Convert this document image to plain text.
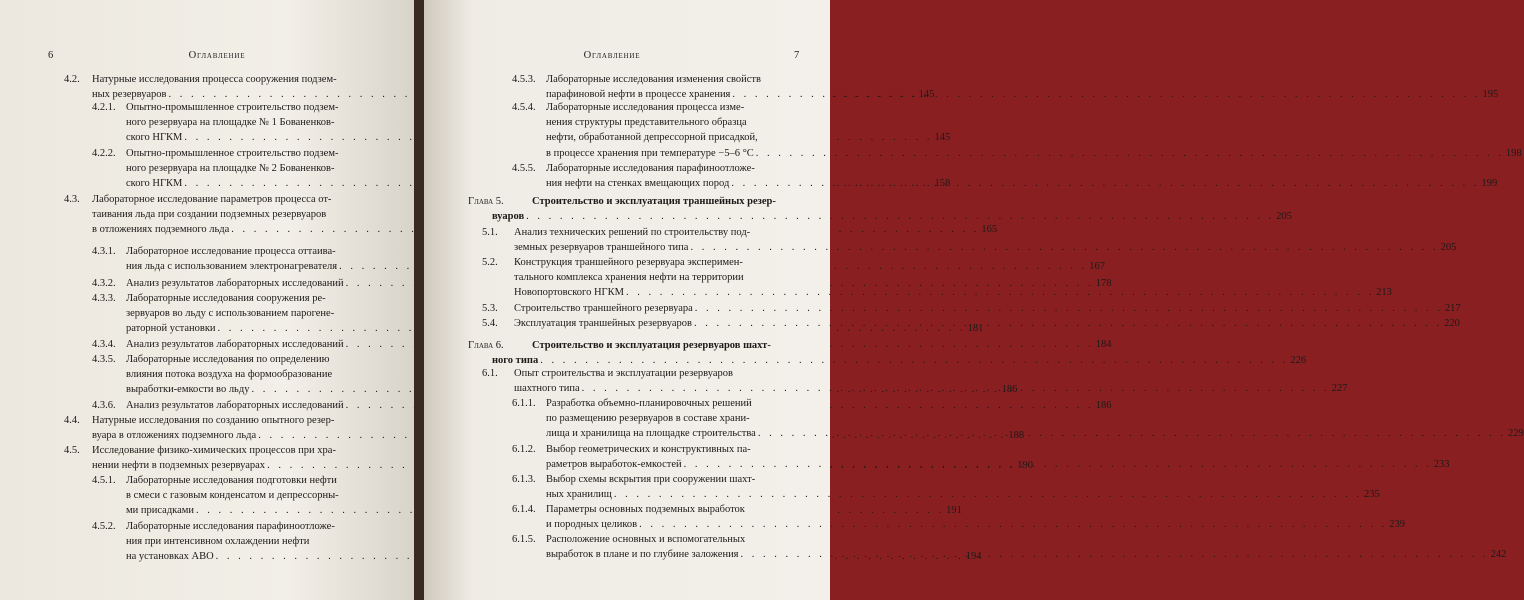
6	Оглавление
4.2. Натурные исследования процесса сооружения подзем-
ных резервуаров . . .	145
4.2.1. Опытно-промышленное строительство подзем-
ного резервуара на площадке № 1 Бованенков-
ского НГКМ . . .	145
4.2.2. Опытно-промышленное строительство подзем-
ного резервуара на площадке № 2 Бованенков-
ского НГКМ . . .	158
4.3. Лабораторное исследование параметров процесса от-
таивания льда при создании подземных резервуаров
в отложениях подземного льда . . .	165
4.3.1. Лабораторное исследование процесса оттаива-
ния льда с использованием электронагревателя . . .	167
4.3.2. Анализ результатов лабораторных исследований . . .	178
4.3.3. Лабораторные исследования сооружения ре-
зервуаров во льду с использованием парогене-
раторной установки . . .	181
4.3.4. Анализ результатов лабораторных исследований . . .	184
4.3.5. Лабораторные исследования по определению
влияния потока воздуха на формообразование
выработки-емкости во льду . . .	186
4.3.6. Анализ результатов лабораторных исследований . . .	186
4.4. Натурные исследования по созданию опытного резер-
вуара в отложениях подземного льда . . .	188
4.5. Исследование физико-химических процессов при хра-
нении нефти в подземных резервуарах . . .	190
4.5.1. Лабораторные исследования подготовки нефти
в смеси с газовым конденсатом и депрессорны-
ми присадками . . .	191
4.5.2. Лабораторные исследования парафиноотложе-
ния при интенсивном охлаждении нефти
на установках АВО . . .	194
Оглавление	7
4.5.3. Лабораторные исследования изменения свойств
парафиновой нефти в процессе хранения . . .	195
4.5.4. Лабораторные исследования процесса изме-
нения структуры представительного образца
нефти, обработанной депрессорной присадкой,
в процессе хранения при температуре −5–6 °С . . .	198
4.5.5. Лабораторные исследования парафиноотложе-
ния нефти на стенках вмещающих пород . . .	199
Глава 5.	Строительство и эксплуатация траншейных резер-
вуаров . . .	205
5.1. Анализ технических решений по строительству под-
земных резервуаров траншейного типа . . .	205
5.2. Конструкция траншейного резервуара эксперимен-
тального комплекса хранения нефти на территории
Новопортовского НГКМ . . .	213
5.3. Строительство траншейного резервуара . . .	217
5.4. Эксплуатация траншейных резервуаров . . .	220
Глава 6.	Строительство и эксплуатация резервуаров шахт-
ного типа . . .	226
6.1. Опыт строительства и эксплуатации резервуаров
шахтного типа . . .	227
6.1.1. Разработка объемно-планировочных решений
по размещению резервуаров в составе храни-
лища и хранилища на площадке строительства . . .	229
6.1.2. Выбор геометрических и конструктивных па-
раметров выработок-емкостей . . .	233
6.1.3. Выбор схемы вскрытия при сооружении шахт-
ных хранилищ . . .	235
6.1.4. Параметры основных подземных выработок
и породных целиков . . .	239
6.1.5. Расположение основных и вспомогательных
выработок в плане и по глубине заложения . . .	242
